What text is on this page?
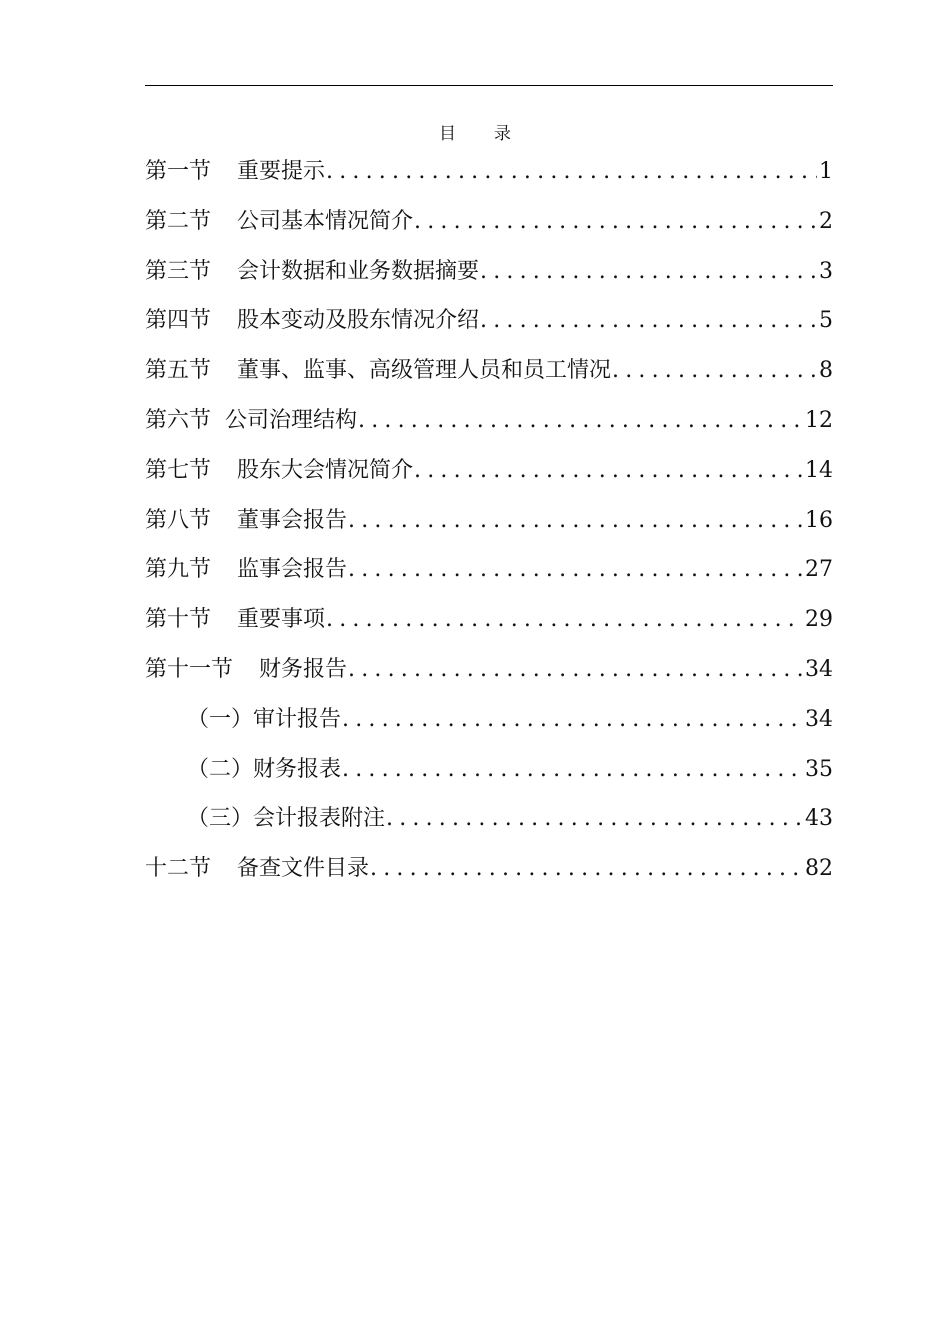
目 录
第一节 重要提示 .....	1
第二节 公司基本情况简介 .....	2
第三节 会计数据和业务数据摘要 .....	3
第四节 股本变动及股东情况介绍 .....	5
第五节 董事、监事、高级管理人员和员工情况 .....	8
第六节 公司治理结构 .....	12
第七节 股东大会情况简介 .....	14
第八节 董事会报告 .....	16
第九节 监事会报告 .....	27
第十节 重要事项 .....	29
第十一节 财务报告 .....	34
（一）审计报告 .....	34
（二）财务报表 .....	35
（三）会计报表附注 .....	43
十二节 备查文件目录 .....	82
